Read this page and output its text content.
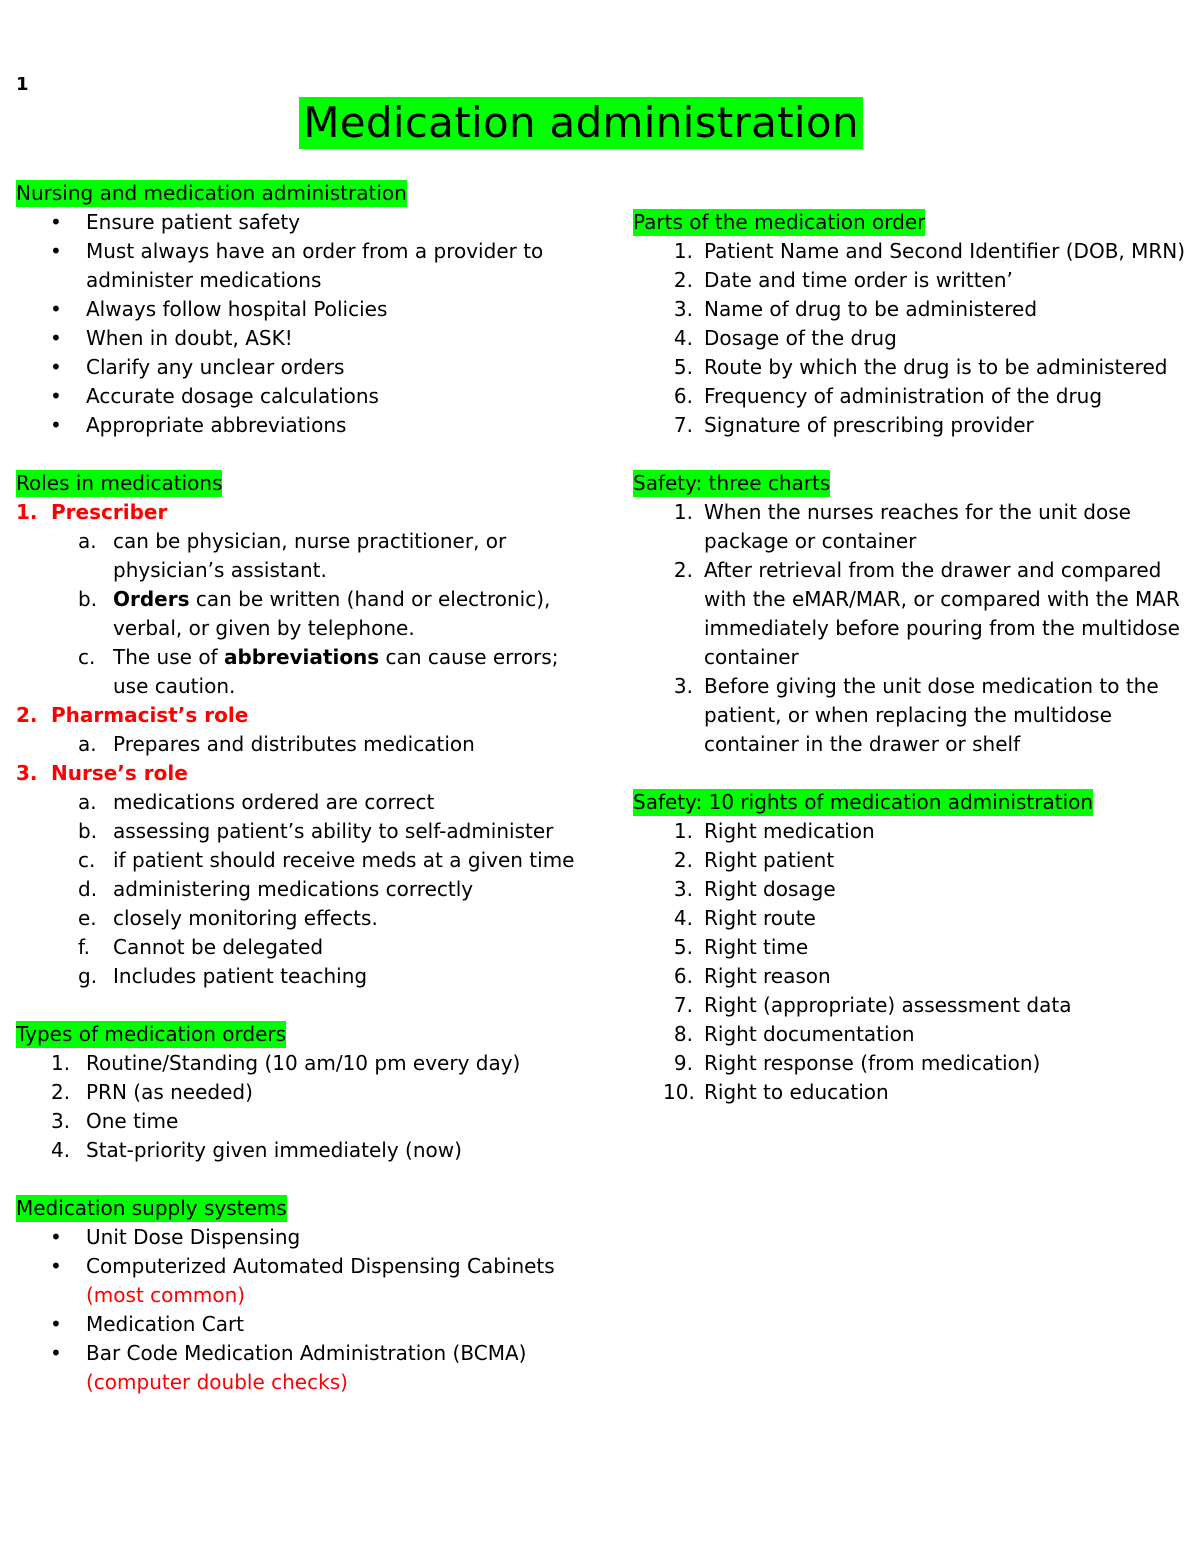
1
Medication administration
Nursing and medication administration
• Ensure patient safety
• Must always have an order from a provider to administer medications
• Always follow hospital Policies
• When in doubt, ASK!
• Clarify any unclear orders
• Accurate dosage calculations
• Appropriate abbreviations
Roles in medications
1. Prescriber
a. can be physician, nurse practitioner, or physician’s assistant.
b. Orders can be written (hand or electronic), verbal, or given by telephone.
c. The use of abbreviations can cause errors; use caution.
2. Pharmacist’s role
a. Prepares and distributes medication
3. Nurse’s role
a. medications ordered are correct
b. assessing patient’s ability to self-administer
c. if patient should receive meds at a given time
d. administering medications correctly
e. closely monitoring effects.
f. Cannot be delegated
g. Includes patient teaching
Types of medication orders
1. Routine/Standing (10 am/10 pm every day)
2. PRN (as needed)
3. One time
4. Stat-priority given immediately (now)
Medication supply systems
• Unit Dose Dispensing
• Computerized Automated Dispensing Cabinets
(most common)
• Medication Cart
• Bar Code Medication Administration (BCMA)
(computer double checks)
Parts of the medication order
1. Patient Name and Second Identifier (DOB, MRN)
2. Date and time order is written’
3. Name of drug to be administered
4. Dosage of the drug
5. Route by which the drug is to be administered
6. Frequency of administration of the drug
7. Signature of prescribing provider
Safety: three charts
1. When the nurses reaches for the unit dose package or container
2. After retrieval from the drawer and compared with the eMAR/MAR, or compared with the MAR immediately before pouring from the multidose container
3. Before giving the unit dose medication to the patient, or when replacing the multidose container in the drawer or shelf
Safety: 10 rights of medication administration
1. Right medication
2. Right patient
3. Right dosage
4. Right route
5. Right time
6. Right reason
7. Right (appropriate) assessment data
8. Right documentation
9. Right response (from medication)
10. Right to education
